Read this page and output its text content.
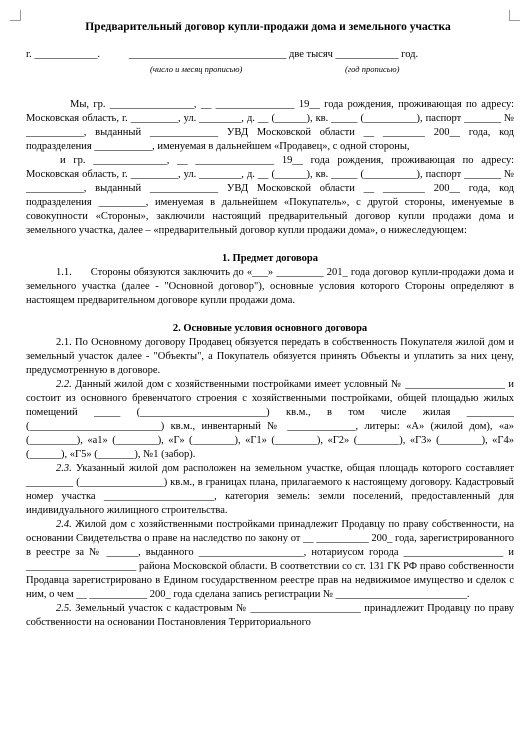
Предварительный договор купли-продажи дома и земельного участка
г. ____________.           ______________________________ две тысяч ____________ год.
(число и месяц прописью)	(год прописью)

Мы, гр. ________________, __ _______________ 19__ года рождения, проживающая по адресу: Московская область, г. _________, ул. ________, д. __ (______), кв. _____ (__________), паспорт _______ № ___________, выданный _____________ УВД Московской области __ ________ 200__ года, код подразделения ___________, именуемая в дальнейшем «Продавец», с одной стороны,

и гр. ______________, __ _______________ 19__ года рождения, проживающая по адресу: Московская область, г. _________, ул. ________, д. __ (______), кв. _____ (__________), паспорт _______ № ___________, выданный _____________ УВД Московской области __ ________ 200__ года, код подразделения _________, именуемая в дальнейшем «Покупатель», с другой стороны, именуемые в совокупности «Стороны», заключили настоящий предварительный договор купли продажи дома и земельного участка, далее – «предварительный договор купли продажи дома», о нижеследующем:

1. Предмет договора

1.1.      Стороны обязуются заключить до «___» _________ 201_ года договор купли-продажи дома и земельного участка (далее - "Основной договор"), основные условия которого Стороны определяют в настоящем предварительном договоре купли продажи дома.

2. Основные условия основного договора

2.1. По Основному договору Продавец обязуется передать в собственность Покупателя жилой дом и земельный участок далее - "Объекты", а Покупатель обязуется принять Объекты и уплатить за них цену, предусмотренную в договоре.

2.2. Данный жилой дом с хозяйственными постройками имеет условный № ___________________ и состоит из основного бревенчатого строения с хозяйственными постройками, общей площадью жилых помещений _____ (________________________) кв.м., в том числе жилая _________ (_________________________) кв.м., инвентарный № _____________, литеры: «А» (жилой дом), «а» (_________), «а1» (________), «Г» (________), «Г1» (________), «Г2» (________), «Г3» (________), «Г4» (______), «Г5» (_______), №1 (забор).

2.3. Указанный жилой дом расположен на земельном участке, общая площадь которого составляет _________ (________________) кв.м., в границах плана, прилагаемого к настоящему договору. Кадастровый номер участка _____________________, категория земель: земли поселений, предоставленный для индивидуального жилищного строительства.

2.4. Жилой дом с хозяйственными постройками принадлежит Продавцу по праву собственности, на основании Свидетельства о праве на наследство по закону от __ __________ 200_ года, зарегистрированного в реестре за № ______, выданного ____________________, нотариусом города ___________________ и _____________________ района Московской области. В соответствии со ст. 131 ГК РФ право собственности Продавца зарегистрировано в Едином государственном реестре прав на недвижимое имущество и сделок с ним, о чем __ ___________ 200_ года сделана запись регистрации № _________________________.

2.5. Земельный участок с кадастровым № _____________________ принадлежит Продавцу по праву собственности на основании Постановления Территориального
